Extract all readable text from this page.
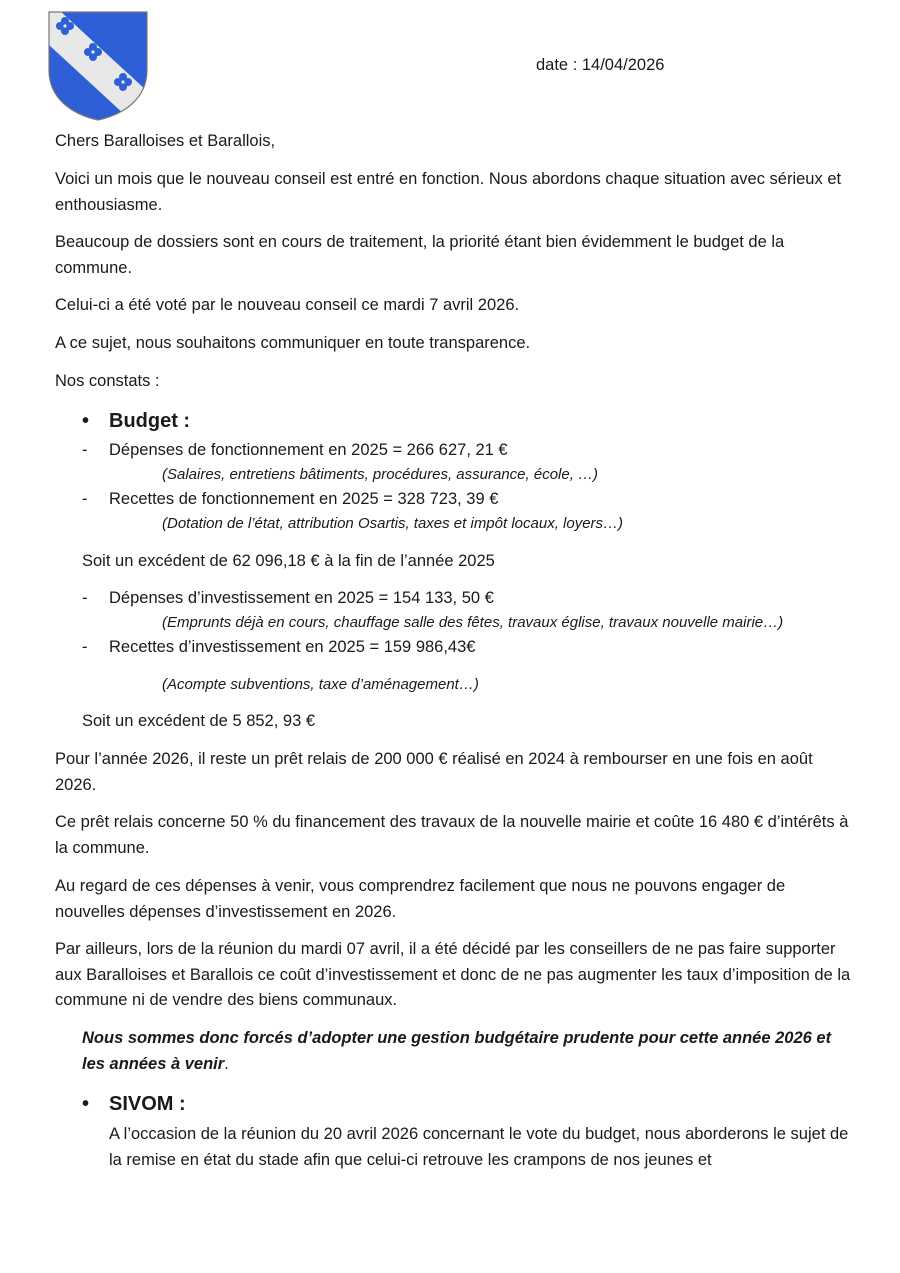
date : 14/04/2026

Chers Baralloises et Barallois,

Voici un mois que le nouveau conseil est entré en fonction. Nous abordons chaque situation avec sérieux et enthousiasme.

Beaucoup de dossiers sont en cours de traitement, la priorité étant bien évidemment le budget de la commune.

Celui-ci a été voté par le nouveau conseil ce mardi 7 avril 2026.

A ce sujet, nous souhaitons communiquer en toute transparence.

Nos constats :

• Budget :
- Dépenses de fonctionnement en 2025 = 266 627, 21 €
(Salaires, entretiens bâtiments, procédures, assurance, école, …)
- Recettes de fonctionnement en 2025 = 328 723, 39 €
(Dotation de l’état, attribution Osartis, taxes et impôt locaux, loyers…)

Soit un excédent de 62 096,18 € à la fin de l’année 2025

- Dépenses d’investissement en 2025 = 154 133, 50 €
(Emprunts déjà en cours, chauffage salle des fêtes, travaux église, travaux nouvelle mairie…)
- Recettes d’investissement en 2025 = 159 986,43€
(Acompte subventions, taxe d’aménagement…)

Soit un excédent de 5 852, 93 €

Pour l’année 2026, il reste un prêt relais de 200 000 € réalisé en 2024 à rembourser en une fois en août 2026.

Ce prêt relais concerne 50 % du financement des travaux de la nouvelle mairie et coûte 16 480 € d’intérêts à la commune.

Au regard de ces dépenses à venir, vous comprendrez facilement que nous ne pouvons engager de nouvelles dépenses d’investissement en 2026.

Par ailleurs, lors de la réunion du mardi 07 avril, il a été décidé par les conseillers de ne pas faire supporter aux Baralloises et Barallois ce coût d’investissement et donc de ne pas augmenter les taux d’imposition de la commune ni de vendre des biens communaux.

Nous sommes donc forcés d’adopter une gestion budgétaire prudente pour cette année 2026 et les années à venir.

• SIVOM :

A l’occasion de la réunion du 20 avril 2026 concernant le vote du budget, nous aborderons le sujet de la remise en état du stade afin que celui-ci retrouve les crampons de nos jeunes et
